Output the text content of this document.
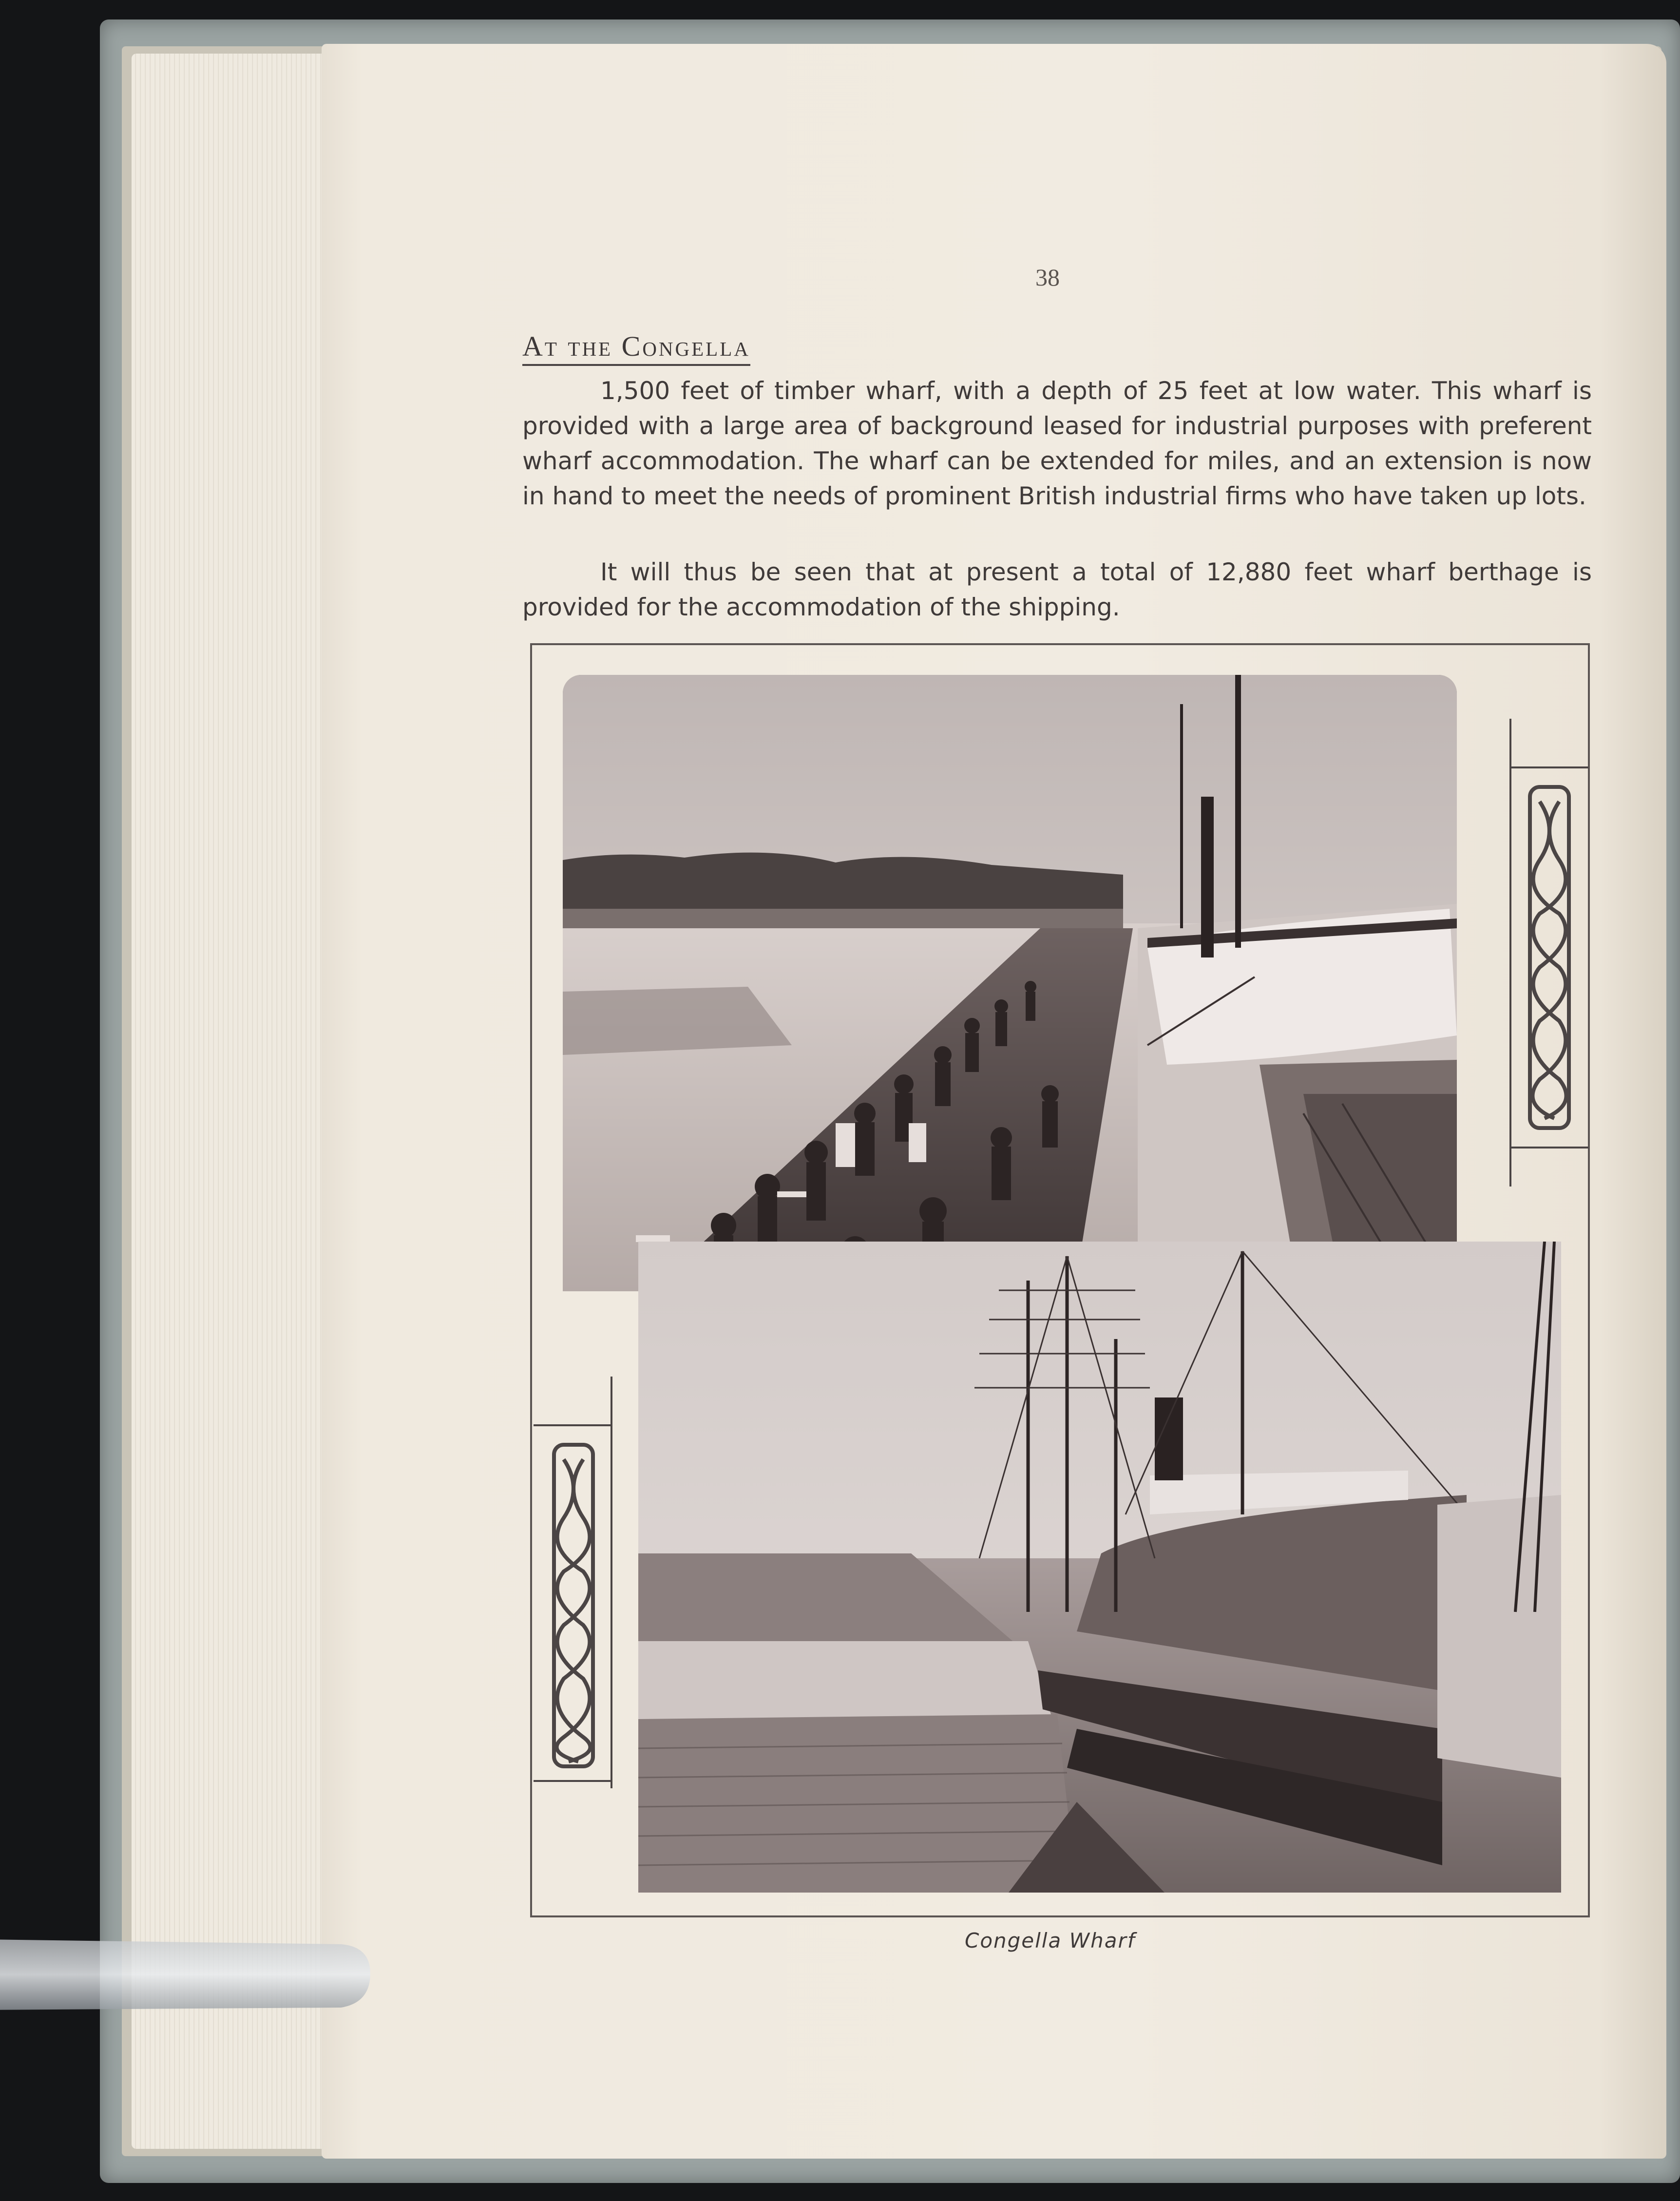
38
At the Congella
1,500 feet of timber wharf, with a depth of 25 feet at low water. This wharf is provided with a large area of background leased for industrial purposes with preferent wharf accommodation. The wharf can be extended for miles, and an extension is now in hand to meet the needs of prominent British industrial firms who have taken up lots.
It will thus be seen that at present a total of 12,880 feet wharf berthage is provided for the accommodation of the shipping.
Congella Wharf
